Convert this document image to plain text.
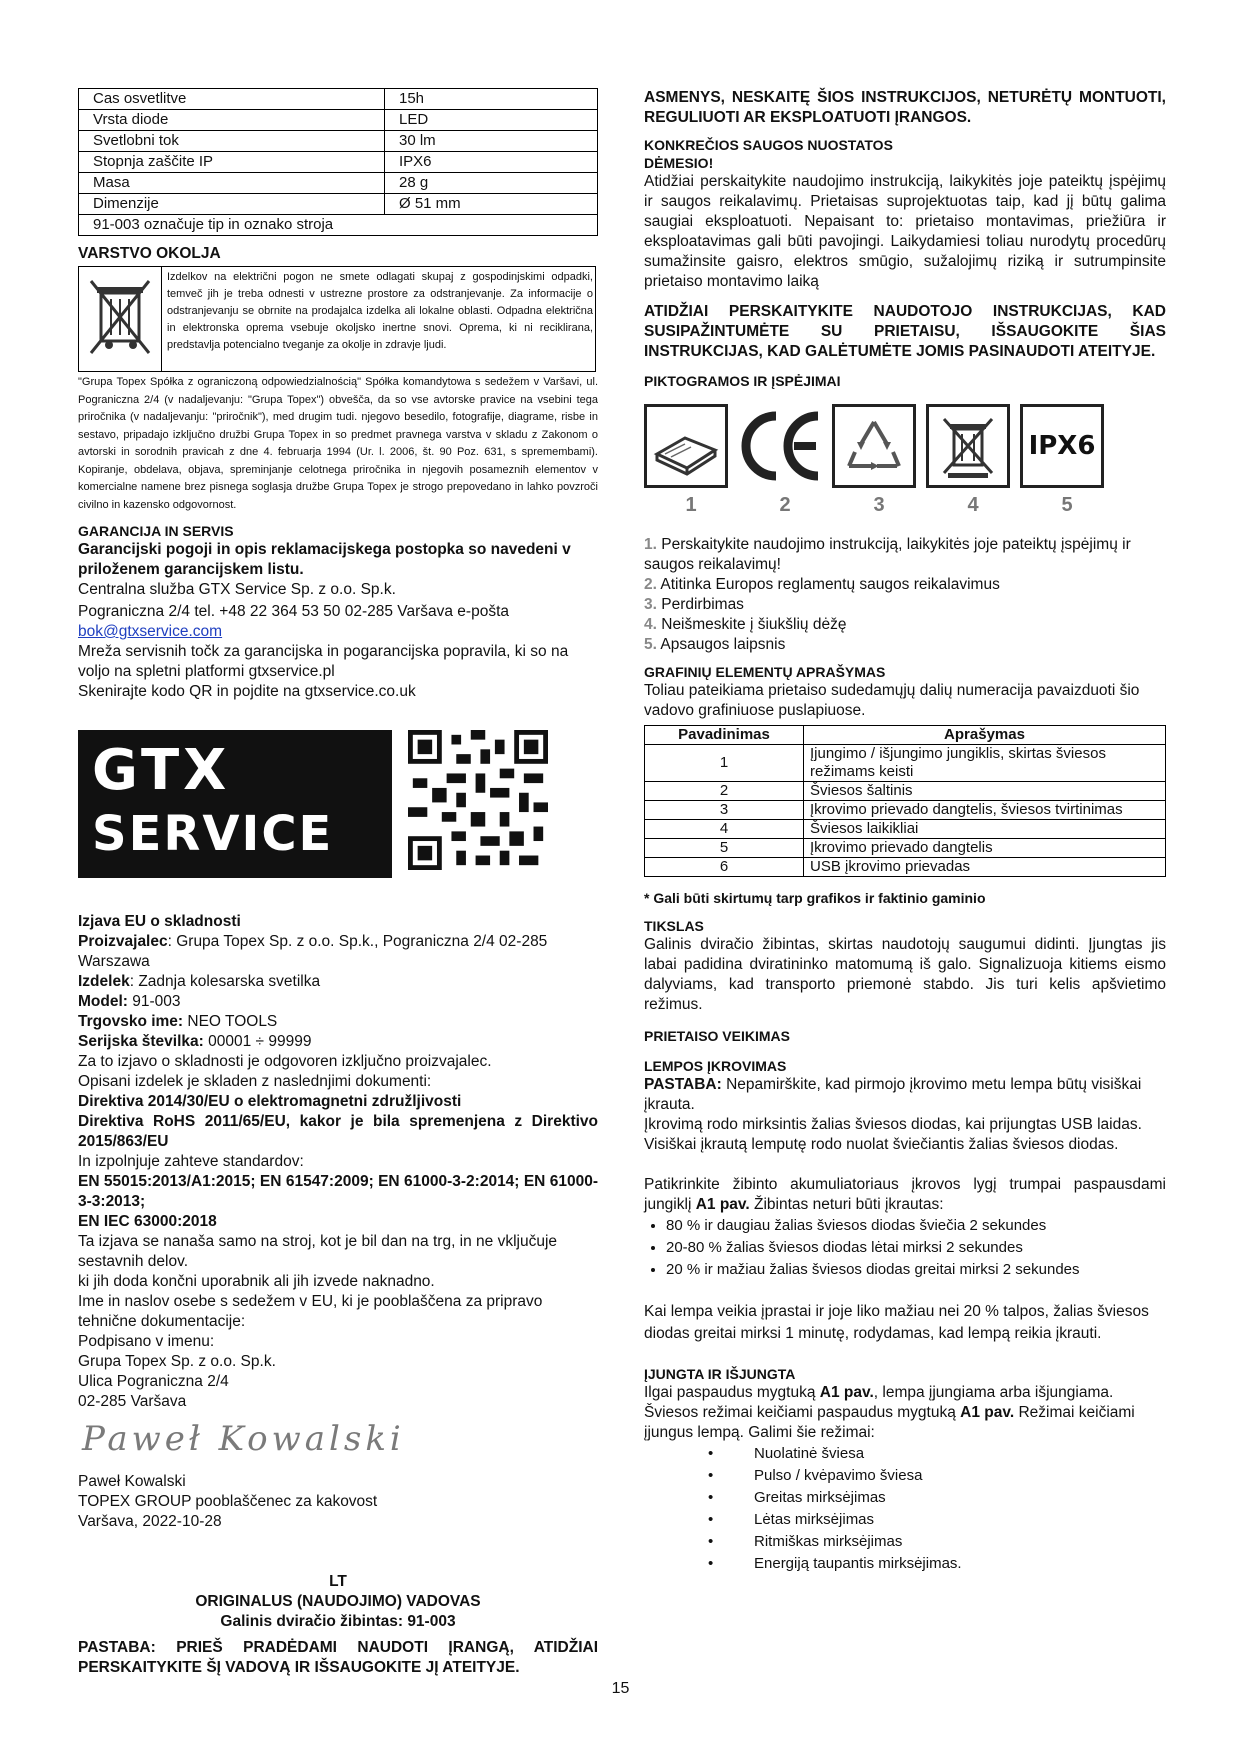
Cas osvetlitve	15h
Vrsta diode	LED
Svetlobni tok	30 lm
Stopnja zaščite IP	IPX6
Masa	28 g
Dimenzije	Ø 51 mm
91-003 označuje tip in oznako stroja	

VARSTVO OKOLJA

Izdelkov na električni pogon ne smete odlagati skupaj z gospodinjskimi odpadki, temveč jih je treba odnesti v ustrezne prostore za odstranjevanje. Za informacije o odstranjevanju se obrnite na prodajalca izdelka ali lokalne oblasti. Odpadna električna in elektronska oprema vsebuje okoljsko inertne snovi. Oprema, ki ni reciklirana, predstavlja potencialno tveganje za okolje in zdravje ljudi.

"Grupa Topex Spółka z ograniczoną odpowiedzialnością" Spółka komandytowa s sedežem v Varšavi, ul. Pograniczna 2/4 (v nadaljevanju: "Grupa Topex") obvešča, da so vse avtorske pravice na vsebini tega priročnika (v nadaljevanju: "priročnik"), med drugim tudi. njegovo besedilo, fotografije, diagrame, risbe in sestavo, pripadajo izključno družbi Grupa Topex in so predmet pravnega varstva v skladu z Zakonom o avtorski in sorodnih pravicah z dne 4. februarja 1994 (Ur. l. 2006, št. 90 Poz. 631, s spremembami). Kopiranje, obdelava, objava, spreminjanje celotnega priročnika in njegovih posameznih elementov v komercialne namene brez pisnega soglasja družbe Grupa Topex je strogo prepovedano in lahko povzroči civilno in kazensko odgovornost.

GARANCIJA IN SERVIS

Garancijski pogoji in opis reklamacijskega postopka so navedeni v priloženem garancijskem listu.

Centralna služba GTX Service Sp. z o.o. Sp.k.

Pograniczna 2/4 tel. +48 22 364 53 50 02-285 Varšava e-pošta

bok@gtxservice.com

Mreža servisnih točk za garancijska in pogarancijska popravila, ki so na voljo na spletni platformi gtxservice.pl

Skenirajte kodo QR in pojdite na gtxservice.co.uk

GTX
SERVICE

Izjava EU o skladnosti

Proizvajalec: Grupa Topex Sp. z o.o. Sp.k., Pograniczna 2/4 02-285 Warszawa

Izdelek: Zadnja kolesarska svetilka

Model: 91-003

Trgovsko ime: NEO TOOLS

Serijska številka: 00001 ÷ 99999

Za to izjavo o skladnosti je odgovoren izključno proizvajalec.

Opisani izdelek je skladen z naslednjimi dokumenti:

Direktiva 2014/30/EU o elektromagnetni združljivosti

Direktiva RoHS 2011/65/EU, kakor je bila spremenjena z Direktivo 2015/863/EU

In izpolnjuje zahteve standardov:

EN 55015:2013/A1:2015; EN 61547:2009; EN 61000-3-2:2014; EN 61000-3-3:2013;

EN IEC 63000:2018

Ta izjava se nanaša samo na stroj, kot je bil dan na trg, in ne vključuje sestavnih delov.

ki jih doda končni uporabnik ali jih izvede naknadno.

Ime in naslov osebe s sedežem v EU, ki je pooblaščena za pripravo tehnične dokumentacije:

Podpisano v imenu:

Grupa Topex Sp. z o.o. Sp.k.

Ulica Pograniczna 2/4

02-285 Varšava

Paweł Kowalski

Paweł Kowalski

TOPEX GROUP pooblaščenec za kakovost

Varšava, 2022-10-28

LT

ORIGINALUS (NAUDOJIMO) VADOVAS

Galinis dviračio žibintas: 91-003

PASTABA: PRIEŠ PRADĖDAMI NAUDOTI ĮRANGĄ, ATIDŽIAI PERSKAITYKITE ŠĮ VADOVĄ IR IŠSAUGOKITE JĮ ATEITYJE.

ASMENYS, NESKAITĘ ŠIOS INSTRUKCIJOS, NETURĖTŲ MONTUOTI, REGULIUOTI AR EKSPLOATUOTI ĮRANGOS.

KONKREČIOS SAUGOS NUOSTATOS

DĖMESIO!

Atidžiai perskaitykite naudojimo instrukciją, laikykitės joje pateiktų įspėjimų ir saugos reikalavimų. Prietaisas suprojektuotas taip, kad jį būtų galima saugiai eksploatuoti. Nepaisant to: prietaiso montavimas, priežiūra ir eksploatavimas gali būti pavojingi. Laikydamiesi toliau nurodytų procedūrų sumažinsite gaisro, elektros smūgio, sužalojimų riziką ir sutrumpinsite prietaiso montavimo laiką

ATIDŽIAI PERSKAITYKITE NAUDOTOJO INSTRUKCIJAS, KAD SUSIPAŽINTUMĖTE SU PRIETAISU, IŠSAUGOKITE ŠIAS INSTRUKCIJAS, KAD GALĖTUMĖTE JOMIS PASINAUDOTI ATEITYJE.

PIKTOGRAMOS IR ĮSPĖJIMAI

IPX6
1	2	3	4	5

1. Perskaitykite naudojimo instrukciją, laikykitės joje pateiktų įspėjimų ir saugos reikalavimų!

2. Atitinka Europos reglamentų saugos reikalavimus

3. Perdirbimas

4. Neišmeskite į šiukšlių dėžę

5. Apsaugos laipsnis

GRAFINIŲ ELEMENTŲ APRAŠYMAS

Toliau pateikiama prietaiso sudedamųjų dalių numeracija pavaizduoti šio vadovo grafiniuose puslapiuose.

Pavadinimas	Aprašymas
1	Įjungimo / išjungimo jungiklis, skirtas šviesos režimams keisti
2	Šviesos šaltinis
3	Įkrovimo prievado dangtelis, šviesos tvirtinimas
4	Šviesos laikikliai
5	Įkrovimo prievado dangtelis
6	USB įkrovimo prievadas

* Gali būti skirtumų tarp grafikos ir faktinio gaminio

TIKSLAS

Galinis dviračio žibintas, skirtas naudotojų saugumui didinti. Įjungtas jis labai padidina dviratininko matomumą iš galo. Signalizuoja kitiems eismo dalyviams, kad transporto priemonė stabdo. Jis turi kelis apšvietimo režimus.

PRIETAISO VEIKIMAS

LEMPOS ĮKROVIMAS

PASTABA: Nepamirškite, kad pirmojo įkrovimo metu lempa būtų visiškai įkrauta.

Įkrovimą rodo mirksintis žalias šviesos diodas, kai prijungtas USB laidas. Visiškai įkrautą lemputę rodo nuolat šviečiantis žalias šviesos diodas.

Patikrinkite žibinto akumuliatoriaus įkrovos lygį trumpai paspausdami jungiklį A1 pav. Žibintas neturi būti įkrautas:

• 80 % ir daugiau žalias šviesos diodas šviečia 2 sekundes
• 20-80 % žalias šviesos diodas lėtai mirksi 2 sekundes
• 20 % ir mažiau žalias šviesos diodas greitai mirksi 2 sekundes

Kai lempa veikia įprastai ir joje liko mažiau nei 20 % talpos, žalias šviesos diodas greitai mirksi 1 minutę, rodydamas, kad lempą reikia įkrauti.

ĮJUNGTA IR IŠJUNGTA

Ilgai paspaudus mygtuką A1 pav., lempa įjungiama arba išjungiama.

Šviesos režimai keičiami paspaudus mygtuką A1 pav. Režimai keičiami įjungus lempą. Galimi šie režimai:

• Nuolatinė šviesa
• Pulso / kvėpavimo šviesa
• Greitas mirksėjimas
• Lėtas mirksėjimas
• Ritmiškas mirksėjimas
• Energiją taupantis mirksėjimas.
15
